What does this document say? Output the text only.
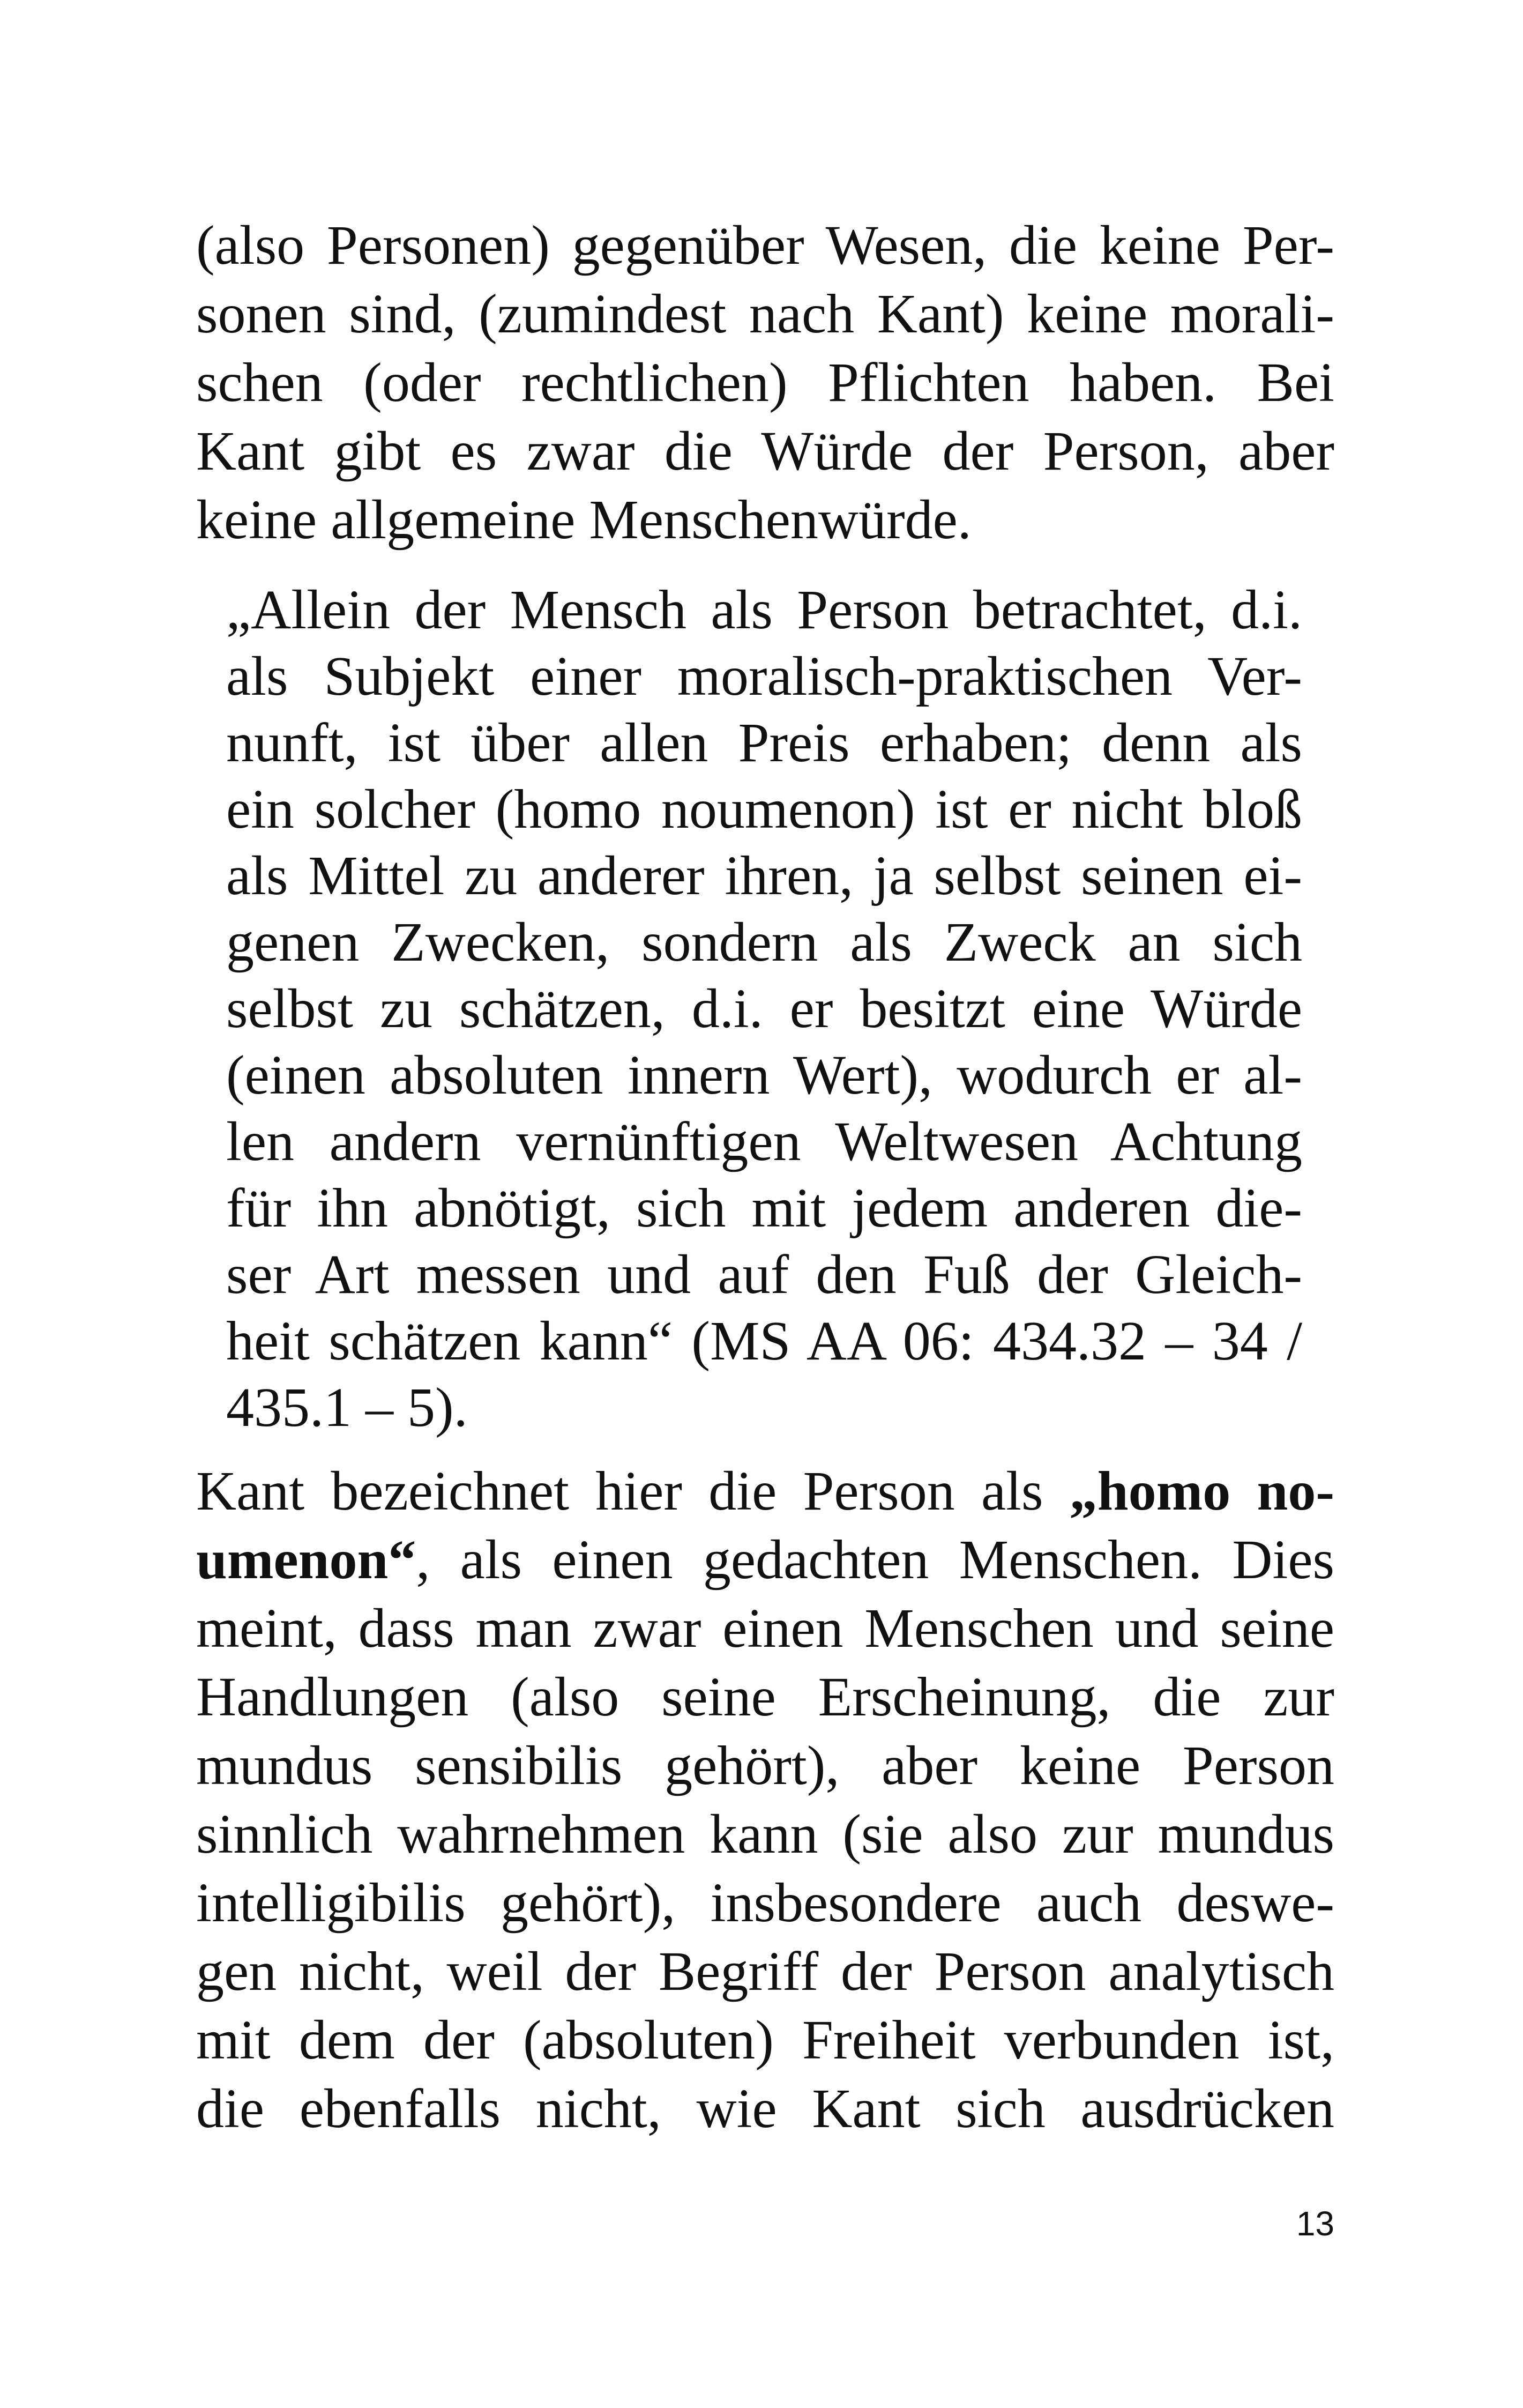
(also Personen) gegenüber Wesen, die keine Per-
sonen sind, (zumindest nach Kant) keine morali-
schen (oder rechtlichen) Pflichten haben. Bei
Kant gibt es zwar die Würde der Person, aber
keine allgemeine Menschenwürde.
„Allein der Mensch als Person betrachtet, d.i.
als Subjekt einer moralisch-praktischen Ver-
nunft, ist über allen Preis erhaben; denn als
ein solcher (homo noumenon) ist er nicht bloß
als Mittel zu anderer ihren, ja selbst seinen ei-
genen Zwecken, sondern als Zweck an sich
selbst zu schätzen, d.i. er besitzt eine Würde
(einen absoluten innern Wert), wodurch er al-
len andern vernünftigen Weltwesen Achtung
für ihn abnötigt, sich mit jedem anderen die-
ser Art messen und auf den Fuß der Gleich-
heit schätzen kann“ (MS AA 06: 434.32 – 34 /
435.1 – 5).
Kant bezeichnet hier die Person als „homo no-
umenon“, als einen gedachten Menschen. Dies
meint, dass man zwar einen Menschen und seine
Handlungen (also seine Erscheinung, die zur
mundus sensibilis gehört), aber keine Person
sinnlich wahrnehmen kann (sie also zur mundus
intelligibilis gehört), insbesondere auch deswe-
gen nicht, weil der Begriff der Person analytisch
mit dem der (absoluten) Freiheit verbunden ist,
die ebenfalls nicht, wie Kant sich ausdrücken
13
